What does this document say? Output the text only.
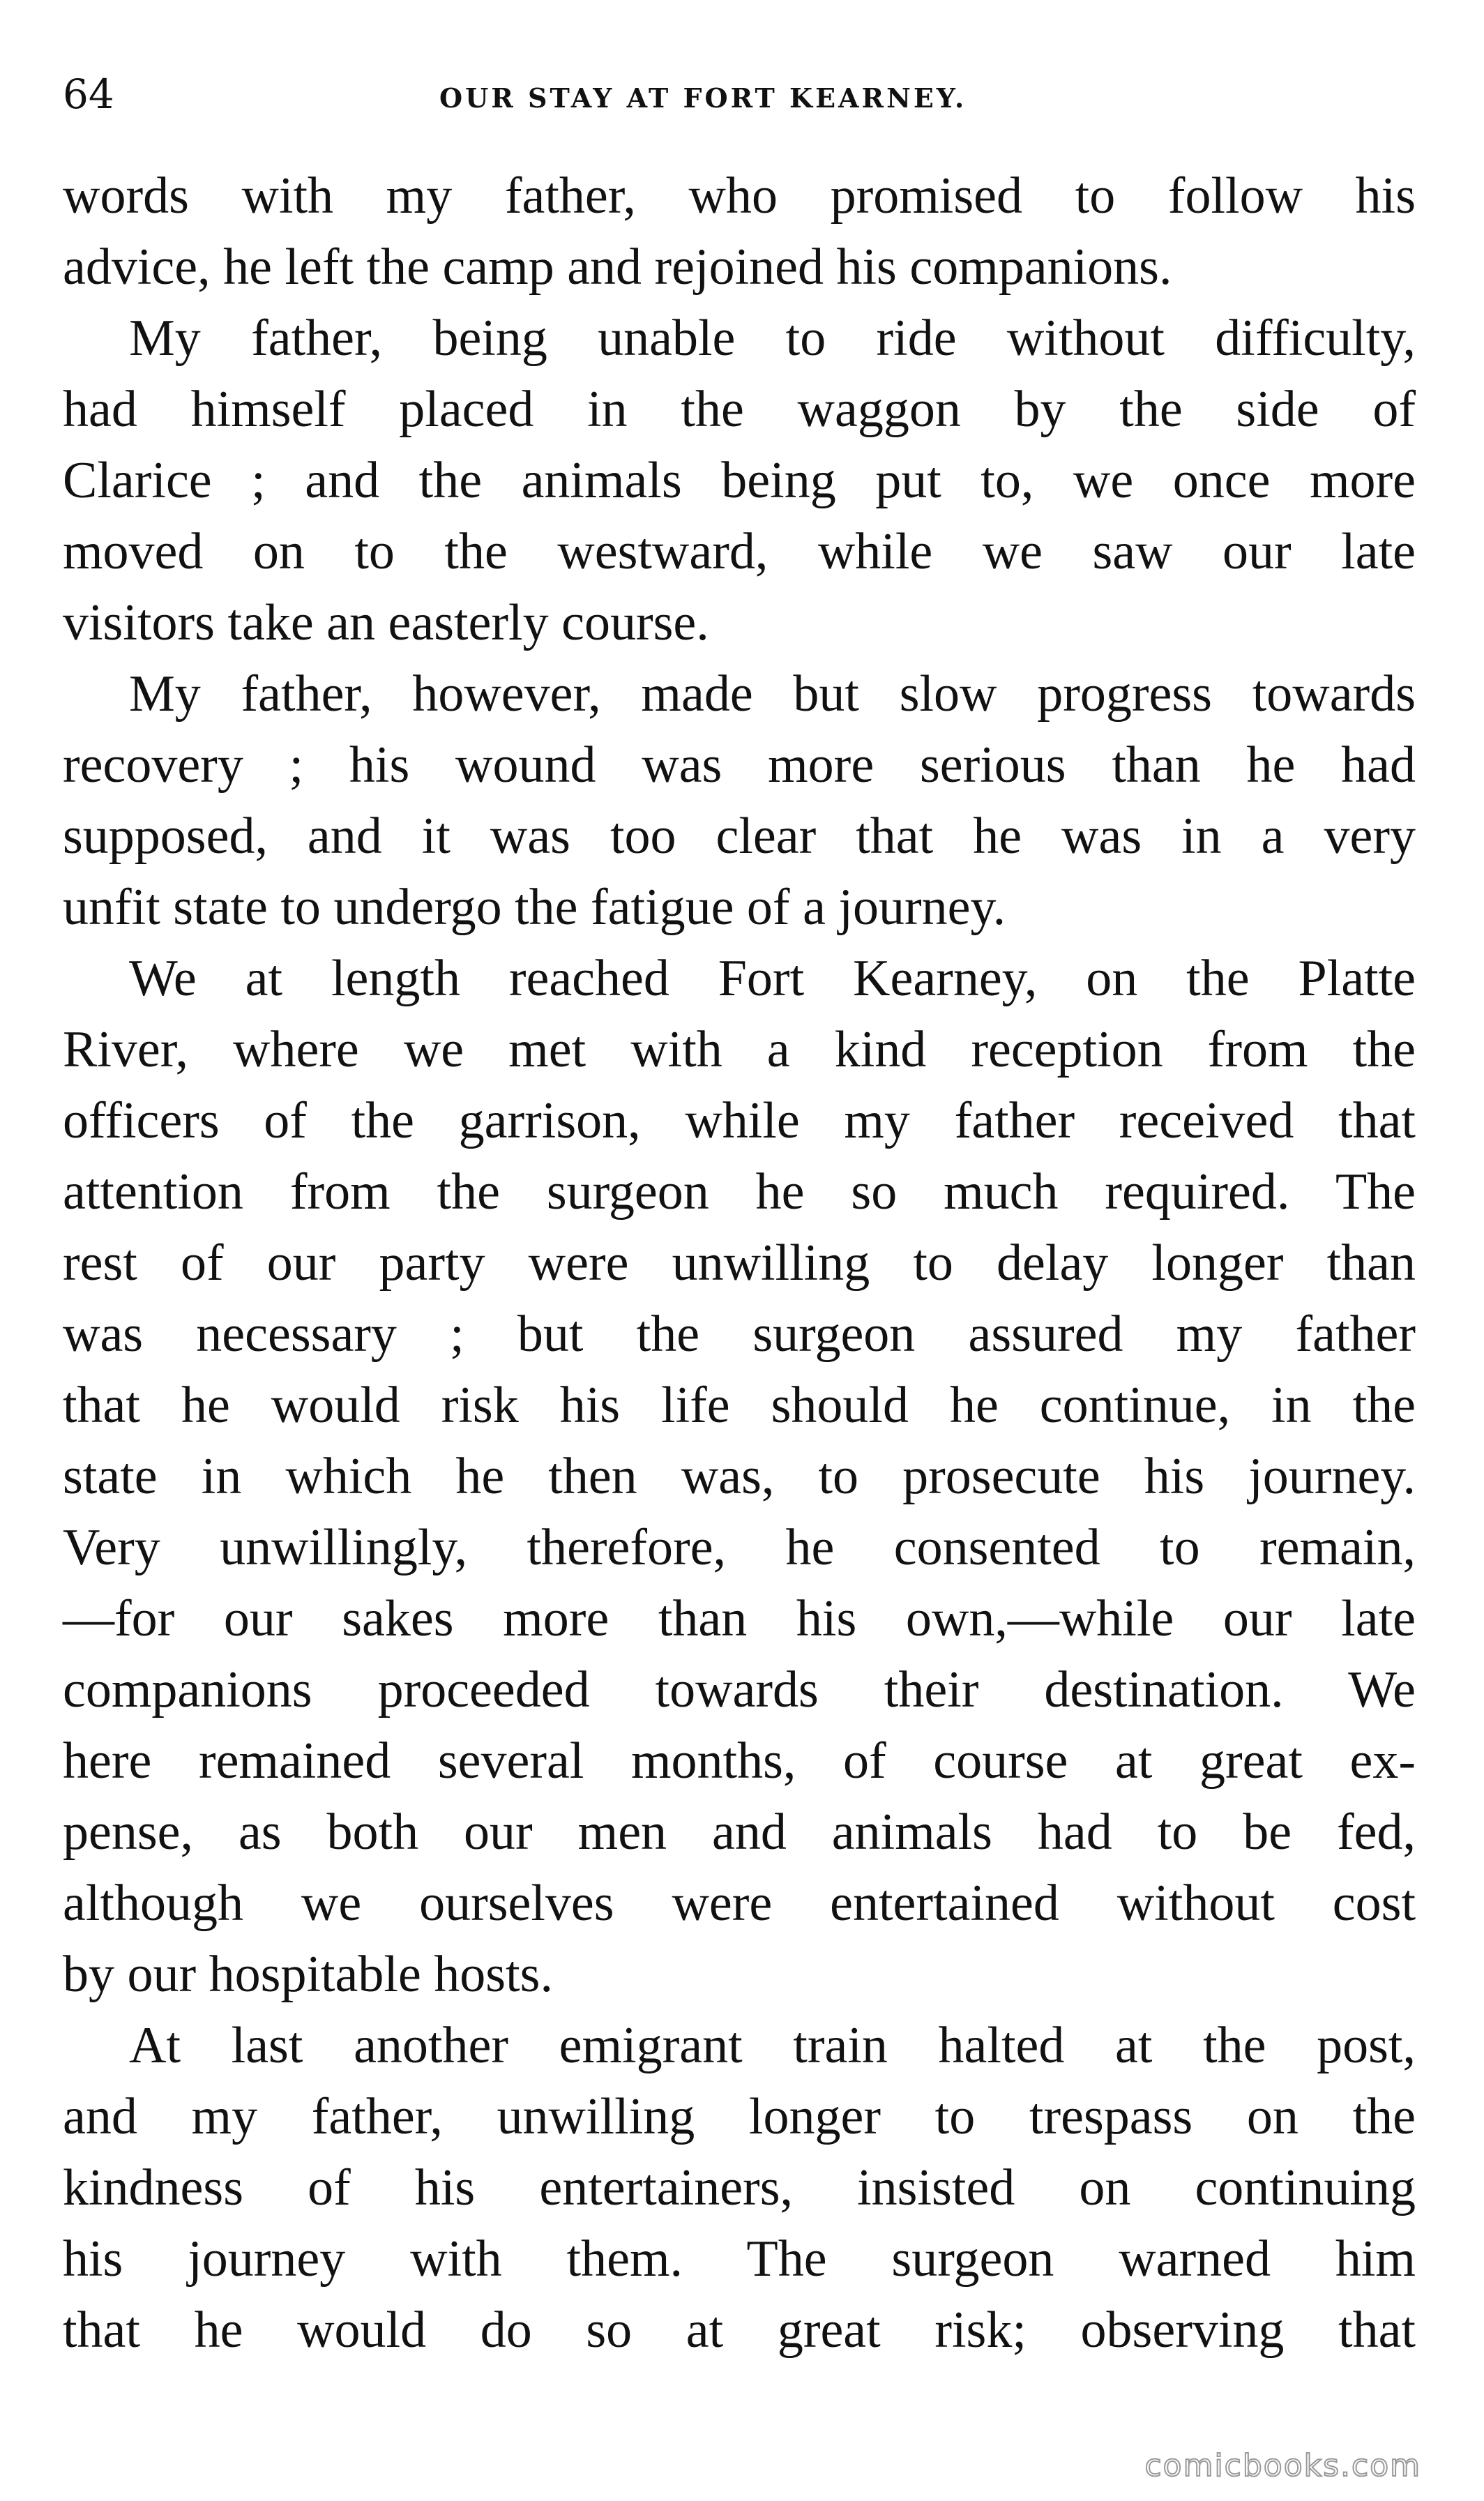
64	OUR STAY AT FORT KEARNEY.
words with my father, who promised to follow his
advice, he left the camp and rejoined his companions.
My father, being unable to ride without difficulty,
had himself placed in the waggon by the side of
Clarice ; and the animals being put to, we once more
moved on to the westward, while we saw our late
visitors take an easterly course.
My father, however, made but slow progress towards
recovery ; his wound was more serious than he had
supposed, and it was too clear that he was in a very
unfit state to undergo the fatigue of a journey.
We at length reached Fort Kearney, on the Platte
River, where we met with a kind reception from the
officers of the garrison, while my father received that
attention from the surgeon he so much required. The
rest of our party were unwilling to delay longer than
was necessary ; but the surgeon assured my father
that he would risk his life should he continue, in the
state in which he then was, to prosecute his journey.
Very unwillingly, therefore, he consented to remain,
—for our sakes more than his own,—while our late
companions proceeded towards their destination. We
here remained several months, of course at great ex-
pense, as both our men and animals had to be fed,
although we ourselves were entertained without cost
by our hospitable hosts.
At last another emigrant train halted at the post,
and my father, unwilling longer to trespass on the
kindness of his entertainers, insisted on continuing
his journey with them. The surgeon warned him
that he would do so at great risk; observing that
comicbooks.com
